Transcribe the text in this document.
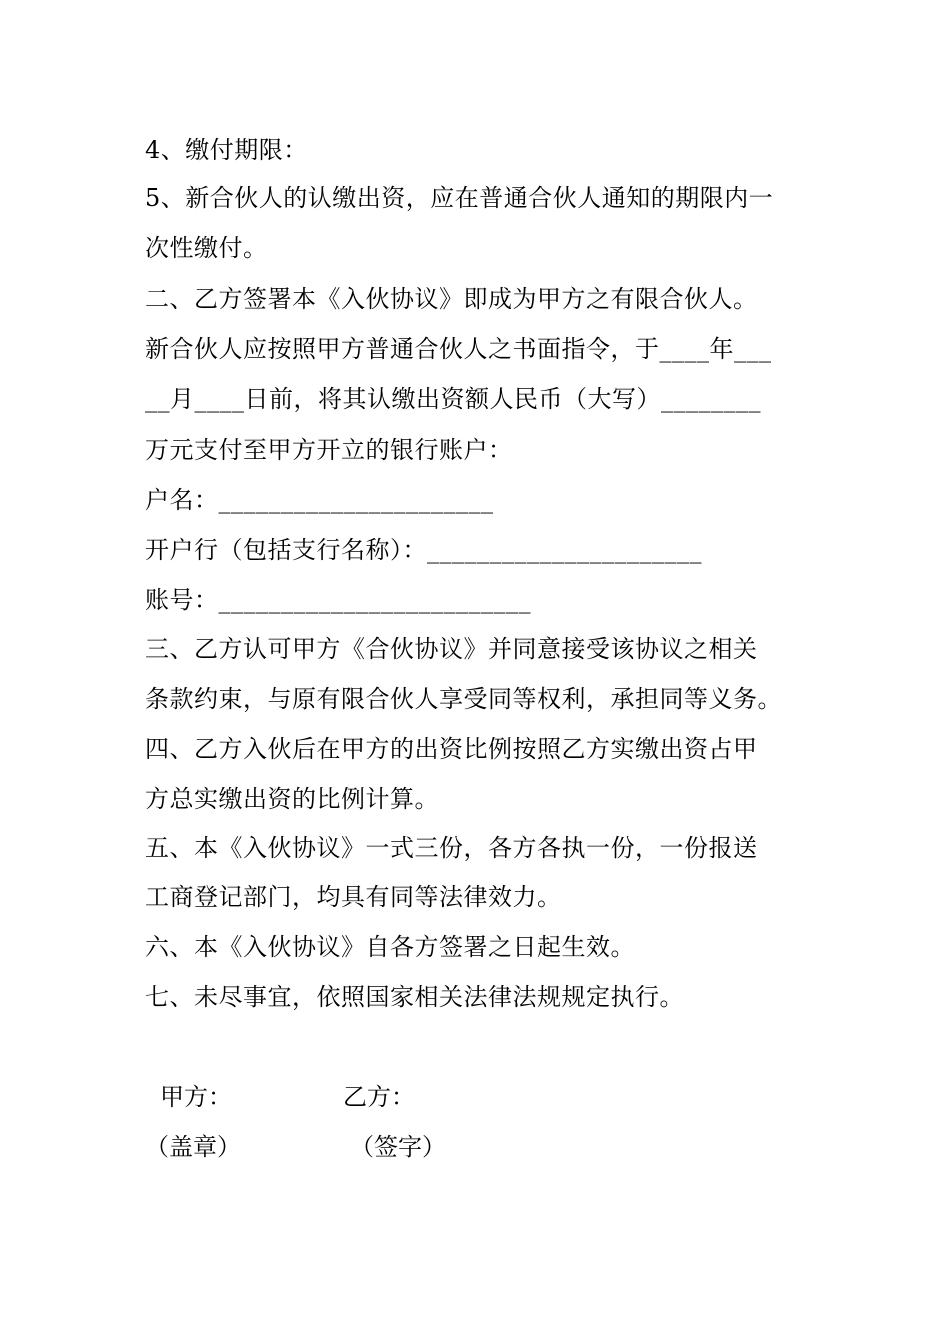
4、缴付期限：
5、新合伙人的认缴出资，应在普通合伙人通知的期限内一
次性缴付。
二、乙方签署本《入伙协议》即成为甲方之有限合伙人。
新合伙人应按照甲方普通合伙人之书面指令，于____年___
__月____日前，将其认缴出资额人民币（大写）________
万元支付至甲方开立的银行账户：
户名：______________________
开户行（包括支行名称）：______________________
账号：_________________________
三、乙方认可甲方《合伙协议》并同意接受该协议之相关
条款约束，与原有限合伙人享受同等权利，承担同等义务。
四、乙方入伙后在甲方的出资比例按照乙方实缴出资占甲
方总实缴出资的比例计算。
五、本《入伙协议》一式三份，各方各执一份，一份报送
工商登记部门，均具有同等法律效力。
六、本《入伙协议》自各方签署之日起生效。
七、未尽事宜，依照国家相关法律法规规定执行。
甲方：
（盖章）
乙方：
（签字）
